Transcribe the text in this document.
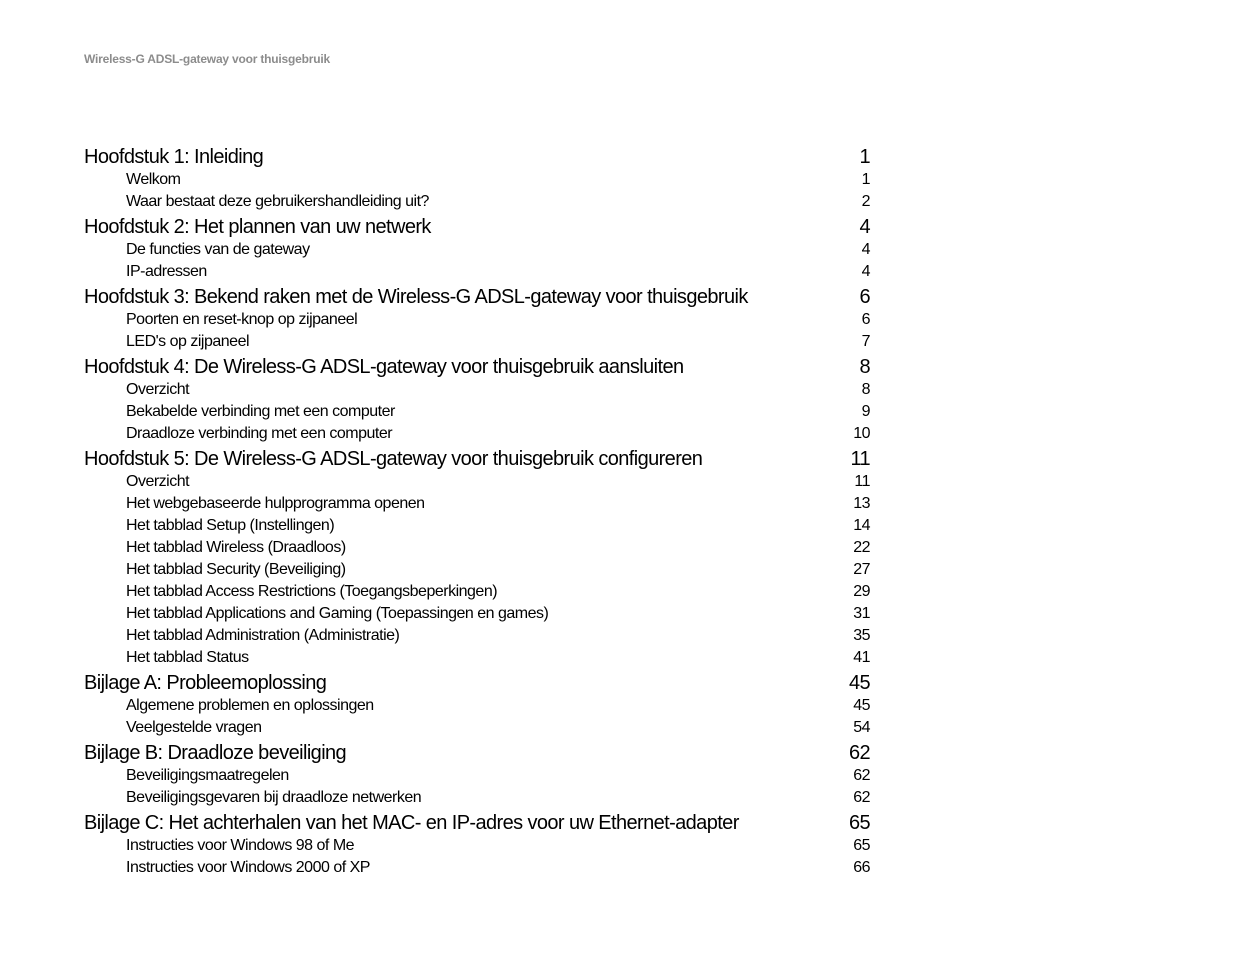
Wireless-G ADSL-gateway voor thuisgebruik
Hoofdstuk 1: Inleiding	1
Welkom	1
Waar bestaat deze gebruikershandleiding uit?	2
Hoofdstuk 2: Het plannen van uw netwerk	4
De functies van de gateway	4
IP-adressen	4
Hoofdstuk 3: Bekend raken met de Wireless-G ADSL-gateway voor thuisgebruik	6
Poorten en reset-knop op zijpaneel	6
LED's op zijpaneel	7
Hoofdstuk 4: De Wireless-G ADSL-gateway voor thuisgebruik aansluiten	8
Overzicht	8
Bekabelde verbinding met een computer	9
Draadloze verbinding met een computer	10
Hoofdstuk 5: De Wireless-G ADSL-gateway voor thuisgebruik configureren	11
Overzicht	11
Het webgebaseerde hulpprogramma openen	13
Het tabblad Setup (Instellingen)	14
Het tabblad Wireless (Draadloos)	22
Het tabblad Security (Beveiliging)	27
Het tabblad Access Restrictions (Toegangsbeperkingen)	29
Het tabblad Applications and Gaming (Toepassingen en games)	31
Het tabblad Administration (Administratie)	35
Het tabblad Status	41
Bijlage A: Probleemoplossing	45
Algemene problemen en oplossingen	45
Veelgestelde vragen	54
Bijlage B: Draadloze beveiliging	62
Beveiligingsmaatregelen	62
Beveiligingsgevaren bij draadloze netwerken	62
Bijlage C: Het achterhalen van het MAC- en IP-adres voor uw Ethernet-adapter	65
Instructies voor Windows 98 of Me	65
Instructies voor Windows 2000 of XP	66
